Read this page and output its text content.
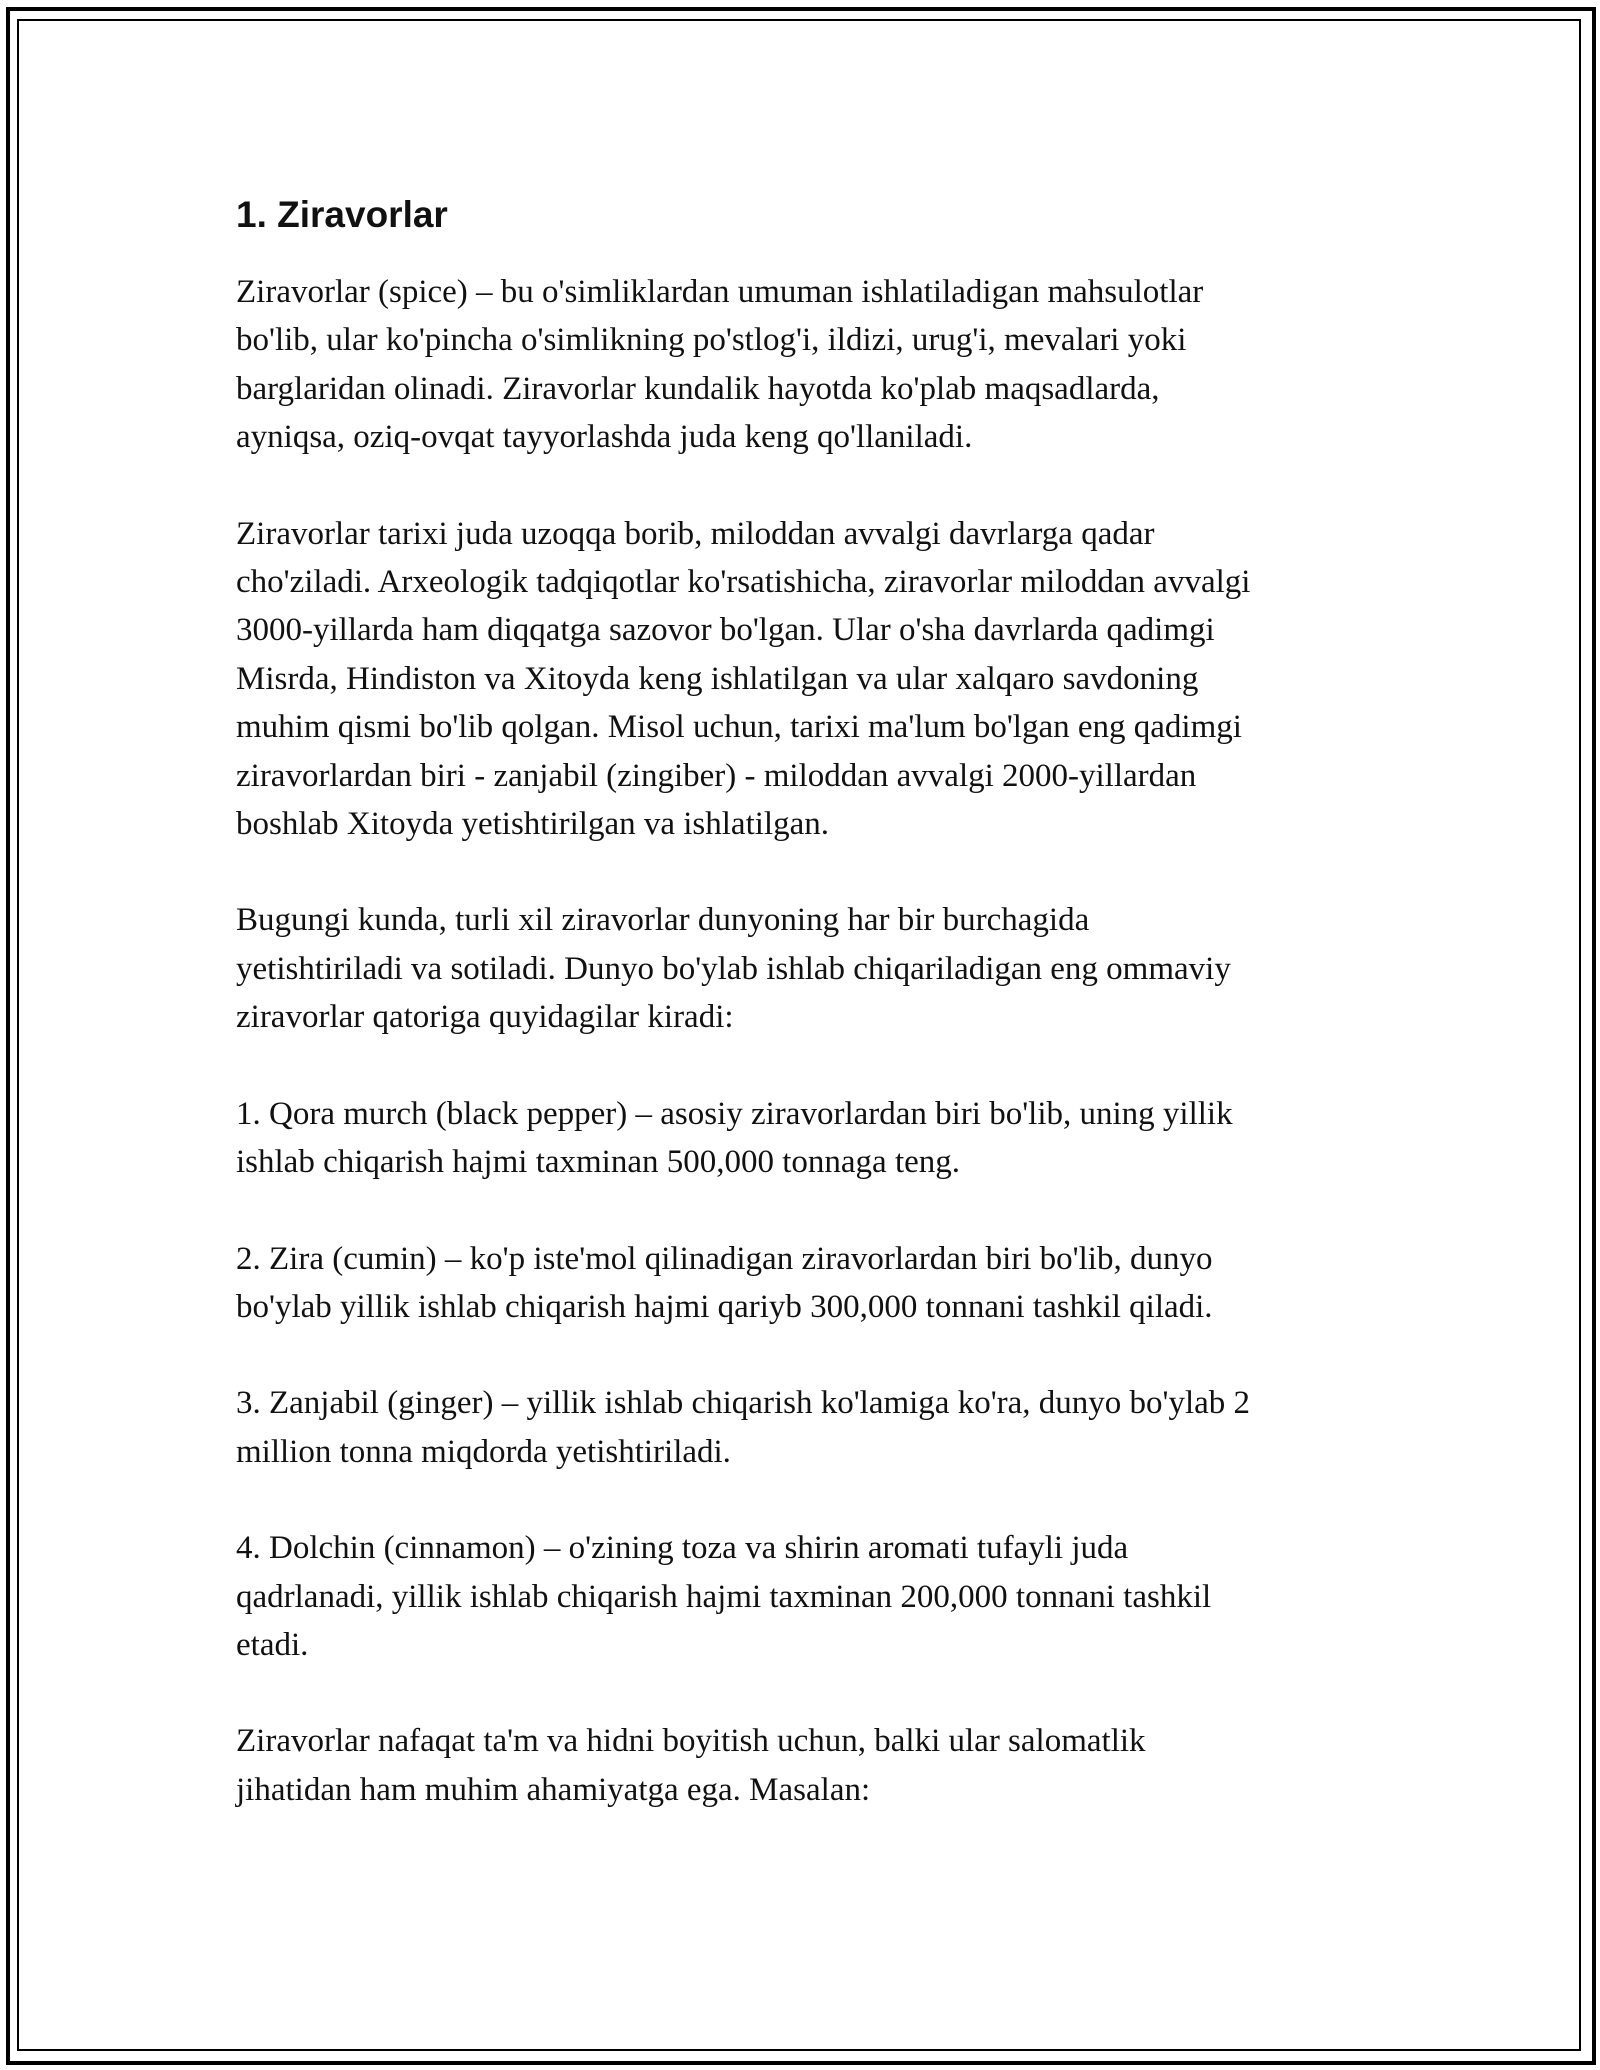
1. Ziravorlar

Ziravorlar (spice) – bu o'simliklardan umuman ishlatiladigan mahsulotlar
bo'lib, ular ko'pincha o'simlikning po'stlog'i, ildizi, urug'i, mevalari yoki
barglaridan olinadi. Ziravorlar kundalik hayotda ko'plab maqsadlarda,
ayniqsa, oziq-ovqat tayyorlashda juda keng qo'llaniladi.

Ziravorlar tarixi juda uzoqqa borib, miloddan avvalgi davrlarga qadar
cho'ziladi. Arxeologik tadqiqotlar ko'rsatishicha, ziravorlar miloddan avvalgi
3000-yillarda ham diqqatga sazovor bo'lgan. Ular o'sha davrlarda qadimgi
Misrda, Hindiston va Xitoyda keng ishlatilgan va ular xalqaro savdoning
muhim qismi bo'lib qolgan. Misol uchun, tarixi ma'lum bo'lgan eng qadimgi
ziravorlardan biri - zanjabil (zingiber) - miloddan avvalgi 2000-yillardan
boshlab Xitoyda yetishtirilgan va ishlatilgan.

Bugungi kunda, turli xil ziravorlar dunyoning har bir burchagida
yetishtiriladi va sotiladi. Dunyo bo'ylab ishlab chiqariladigan eng ommaviy
ziravorlar qatoriga quyidagilar kiradi:

1. Qora murch (black pepper) – asosiy ziravorlardan biri bo'lib, uning yillik
ishlab chiqarish hajmi taxminan 500,000 tonnaga teng.

2. Zira (cumin) – ko'p iste'mol qilinadigan ziravorlardan biri bo'lib, dunyo
bo'ylab yillik ishlab chiqarish hajmi qariyb 300,000 tonnani tashkil qiladi.

3. Zanjabil (ginger) – yillik ishlab chiqarish ko'lamiga ko'ra, dunyo bo'ylab 2
million tonna miqdorda yetishtiriladi.

4. Dolchin (cinnamon) – o'zining toza va shirin aromati tufayli juda
qadrlanadi, yillik ishlab chiqarish hajmi taxminan 200,000 tonnani tashkil
etadi.

Ziravorlar nafaqat ta'm va hidni boyitish uchun, balki ular salomatlik
jihatidan ham muhim ahamiyatga ega. Masalan:
